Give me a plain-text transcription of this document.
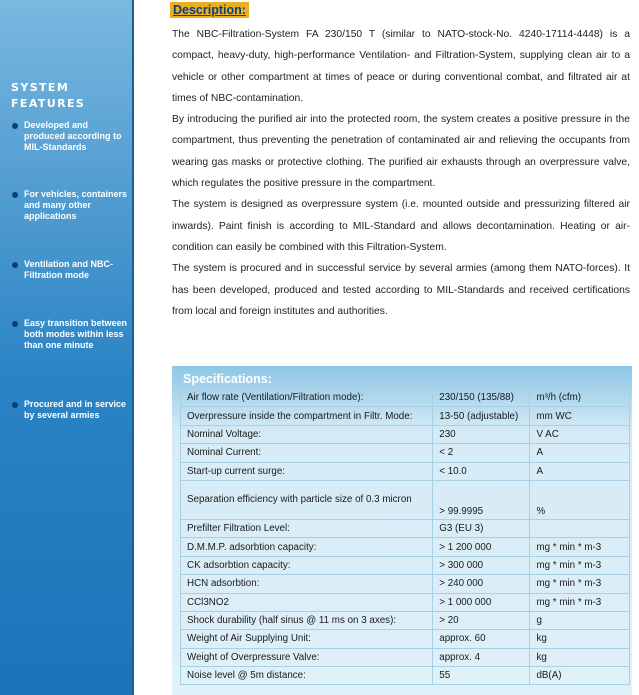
SYSTEM
FEATURES
Developed and produced according to MIL-Standards
For vehicles, containers and many other applications
Ventilation and NBC-Filtration mode
Easy transition between both modes within less than one minute
Procured and in service by several armies
Description:

The NBC-Filtration-System FA 230/150 T (similar to NATO-stock-No. 4240-17114-4448) is a compact, heavy-duty, high-performance Ventilation- and Filtration-System, supplying clean air to a vehicle or other compartment at times of peace or during conventional combat, and filtrated air at times of NBC-contamination.

By introducing the purified air into the protected room, the system creates a positive pressure in the compartment, thus preventing the penetration of contaminated air and relieving the occupants from wearing gas masks or protective clothing. The purified air exhausts through an overpressure valve, which regulates the positive pressure in the compartment.

The system is designed as overpressure system (i.e. mounted outside and pressurizing filtered air inwards). Paint finish is according to MIL-Standard and allows decontamination. Heating or air-condition can easily be combined with this Filtration-System.

The system is procured and in successful service by several armies (among them NATO-forces). It has been developed, produced and tested according to MIL-Standards and received certifications from local and foreign institutes and authorities.

Specifications:
Air flow rate (Ventilation/Filtration mode):	230/150 (135/88)	m³/h (cfm)
Overpressure inside the compartment in Filtr. Mode:	13-50 (adjustable)	mm WC
Nominal Voltage:	230	V AC
Nominal Current:	< 2	A
Start-up current surge:	< 10.0	A
Separation efficiency with particle size of 0.3 micron	> 99.9995	%
Prefilter Filtration Level:	G3 (EU 3)	
D.M.M.P. adsorbtion capacity:	> 1 200 000	mg * min * m-3
CK adsorbtion capacity:	> 300 000	mg * min * m-3
HCN adsorbtion:	> 240 000	mg * min * m-3
CCl3NO2	> 1 000 000	mg * min * m-3
Shock durability (half sinus @ 11 ms on 3 axes):	> 20	g
Weight of Air Supplying Unit:	approx. 60	kg
Weight of Overpressure Valve:	approx. 4	kg
Noise level @ 5m distance:	55	dB(A)
